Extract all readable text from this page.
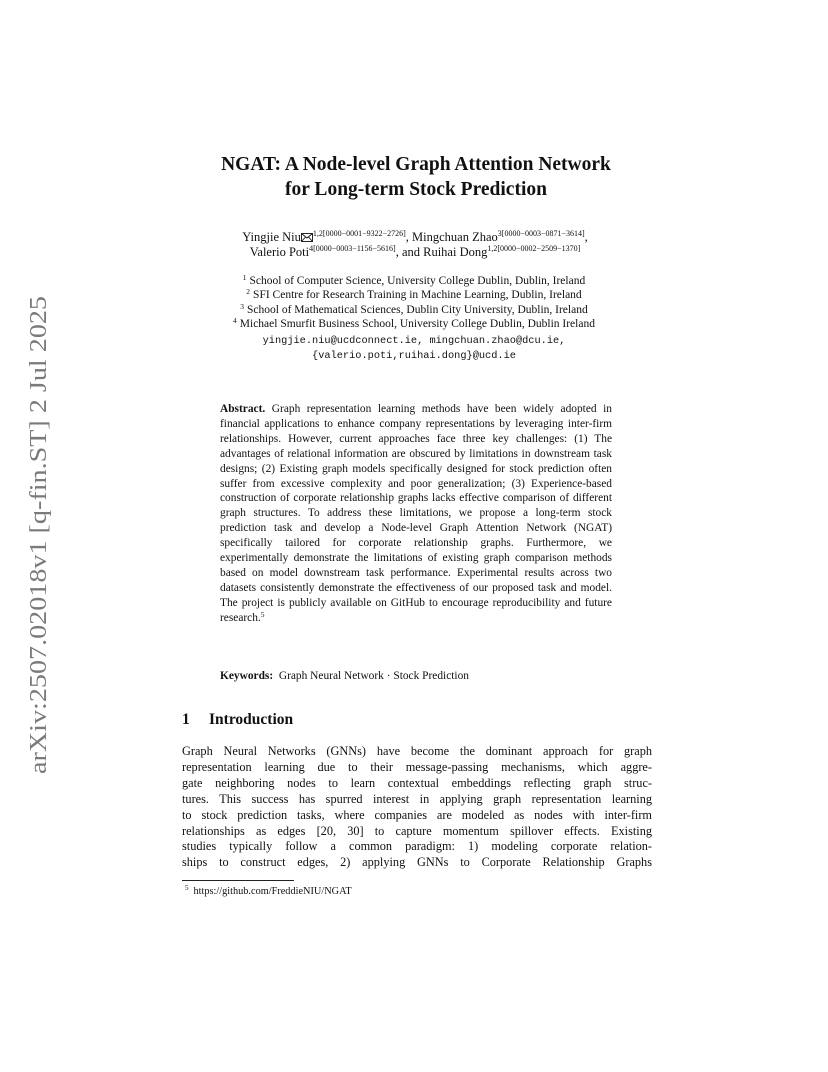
arXiv:2507.02018v1 [q-fin.ST] 2 Jul 2025
NGAT: A Node-level Graph Attention Network
for Long-term Stock Prediction
Yingjie Niu $^{1,2[0000-0001-9322-2726]}$, Mingchuan Zhao$^{3[0000-0003-0871-3614]}$,
Valerio Poti$^{4[0000-0003-1156-5616]}$, and Ruihai Dong$^{1,2[0000-0002-2509-1370]}$
$^1$ School of Computer Science, University College Dublin, Dublin, Ireland
$^2$ SFI Centre for Research Training in Machine Learning, Dublin, Ireland
$^3$ School of Mathematical Sciences, Dublin City University, Dublin, Ireland
$^4$ Michael Smurfit Business School, University College Dublin, Dublin Ireland
yingjie.niu@ucdconnect.ie, mingchuan.zhao@dcu.ie,
{valerio.poti,ruihai.dong}@ucd.ie
Abstract. Graph representation learning methods have been widely adopted in financial applications to enhance company representations by leveraging inter-firm relationships. However, current approaches face three key challenges: (1) The advantages of relational information are obscured by limitations in downstream task designs; (2) Existing graph models specifically designed for stock prediction often suffer from excessive complexity and poor generalization; (3) Experience-based construction of corporate relationship graphs lacks effective comparison of different graph structures. To address these limitations, we propose a long-term stock prediction task and develop a Node-level Graph Attention Network (NGAT) specifically tailored for corporate relationship graphs. Furthermore, we experimentally demonstrate the limitations of existing graph comparison methods based on model downstream task performance. Experimental results across two datasets consistently demonstrate the effectiveness of our proposed task and model. The project is publicly available on GitHub to encourage reproducibility and future research.$^5$
Keywords: Graph Neural Network · Stock Prediction
1 Introduction
Graph Neural Networks (GNNs) have become the dominant approach for graph
representation learning due to their message-passing mechanisms, which aggre-
gate neighboring nodes to learn contextual embeddings reflecting graph struc-
tures. This success has spurred interest in applying graph representation learning
to stock prediction tasks, where companies are modeled as nodes with inter-firm
relationships as edges [20, 30] to capture momentum spillover effects. Existing
studies typically follow a common paradigm: 1) modeling corporate relation-
ships to construct edges, 2) applying GNNs to Corporate Relationship Graphs
$^5$ https://github.com/FreddieNIU/NGAT
